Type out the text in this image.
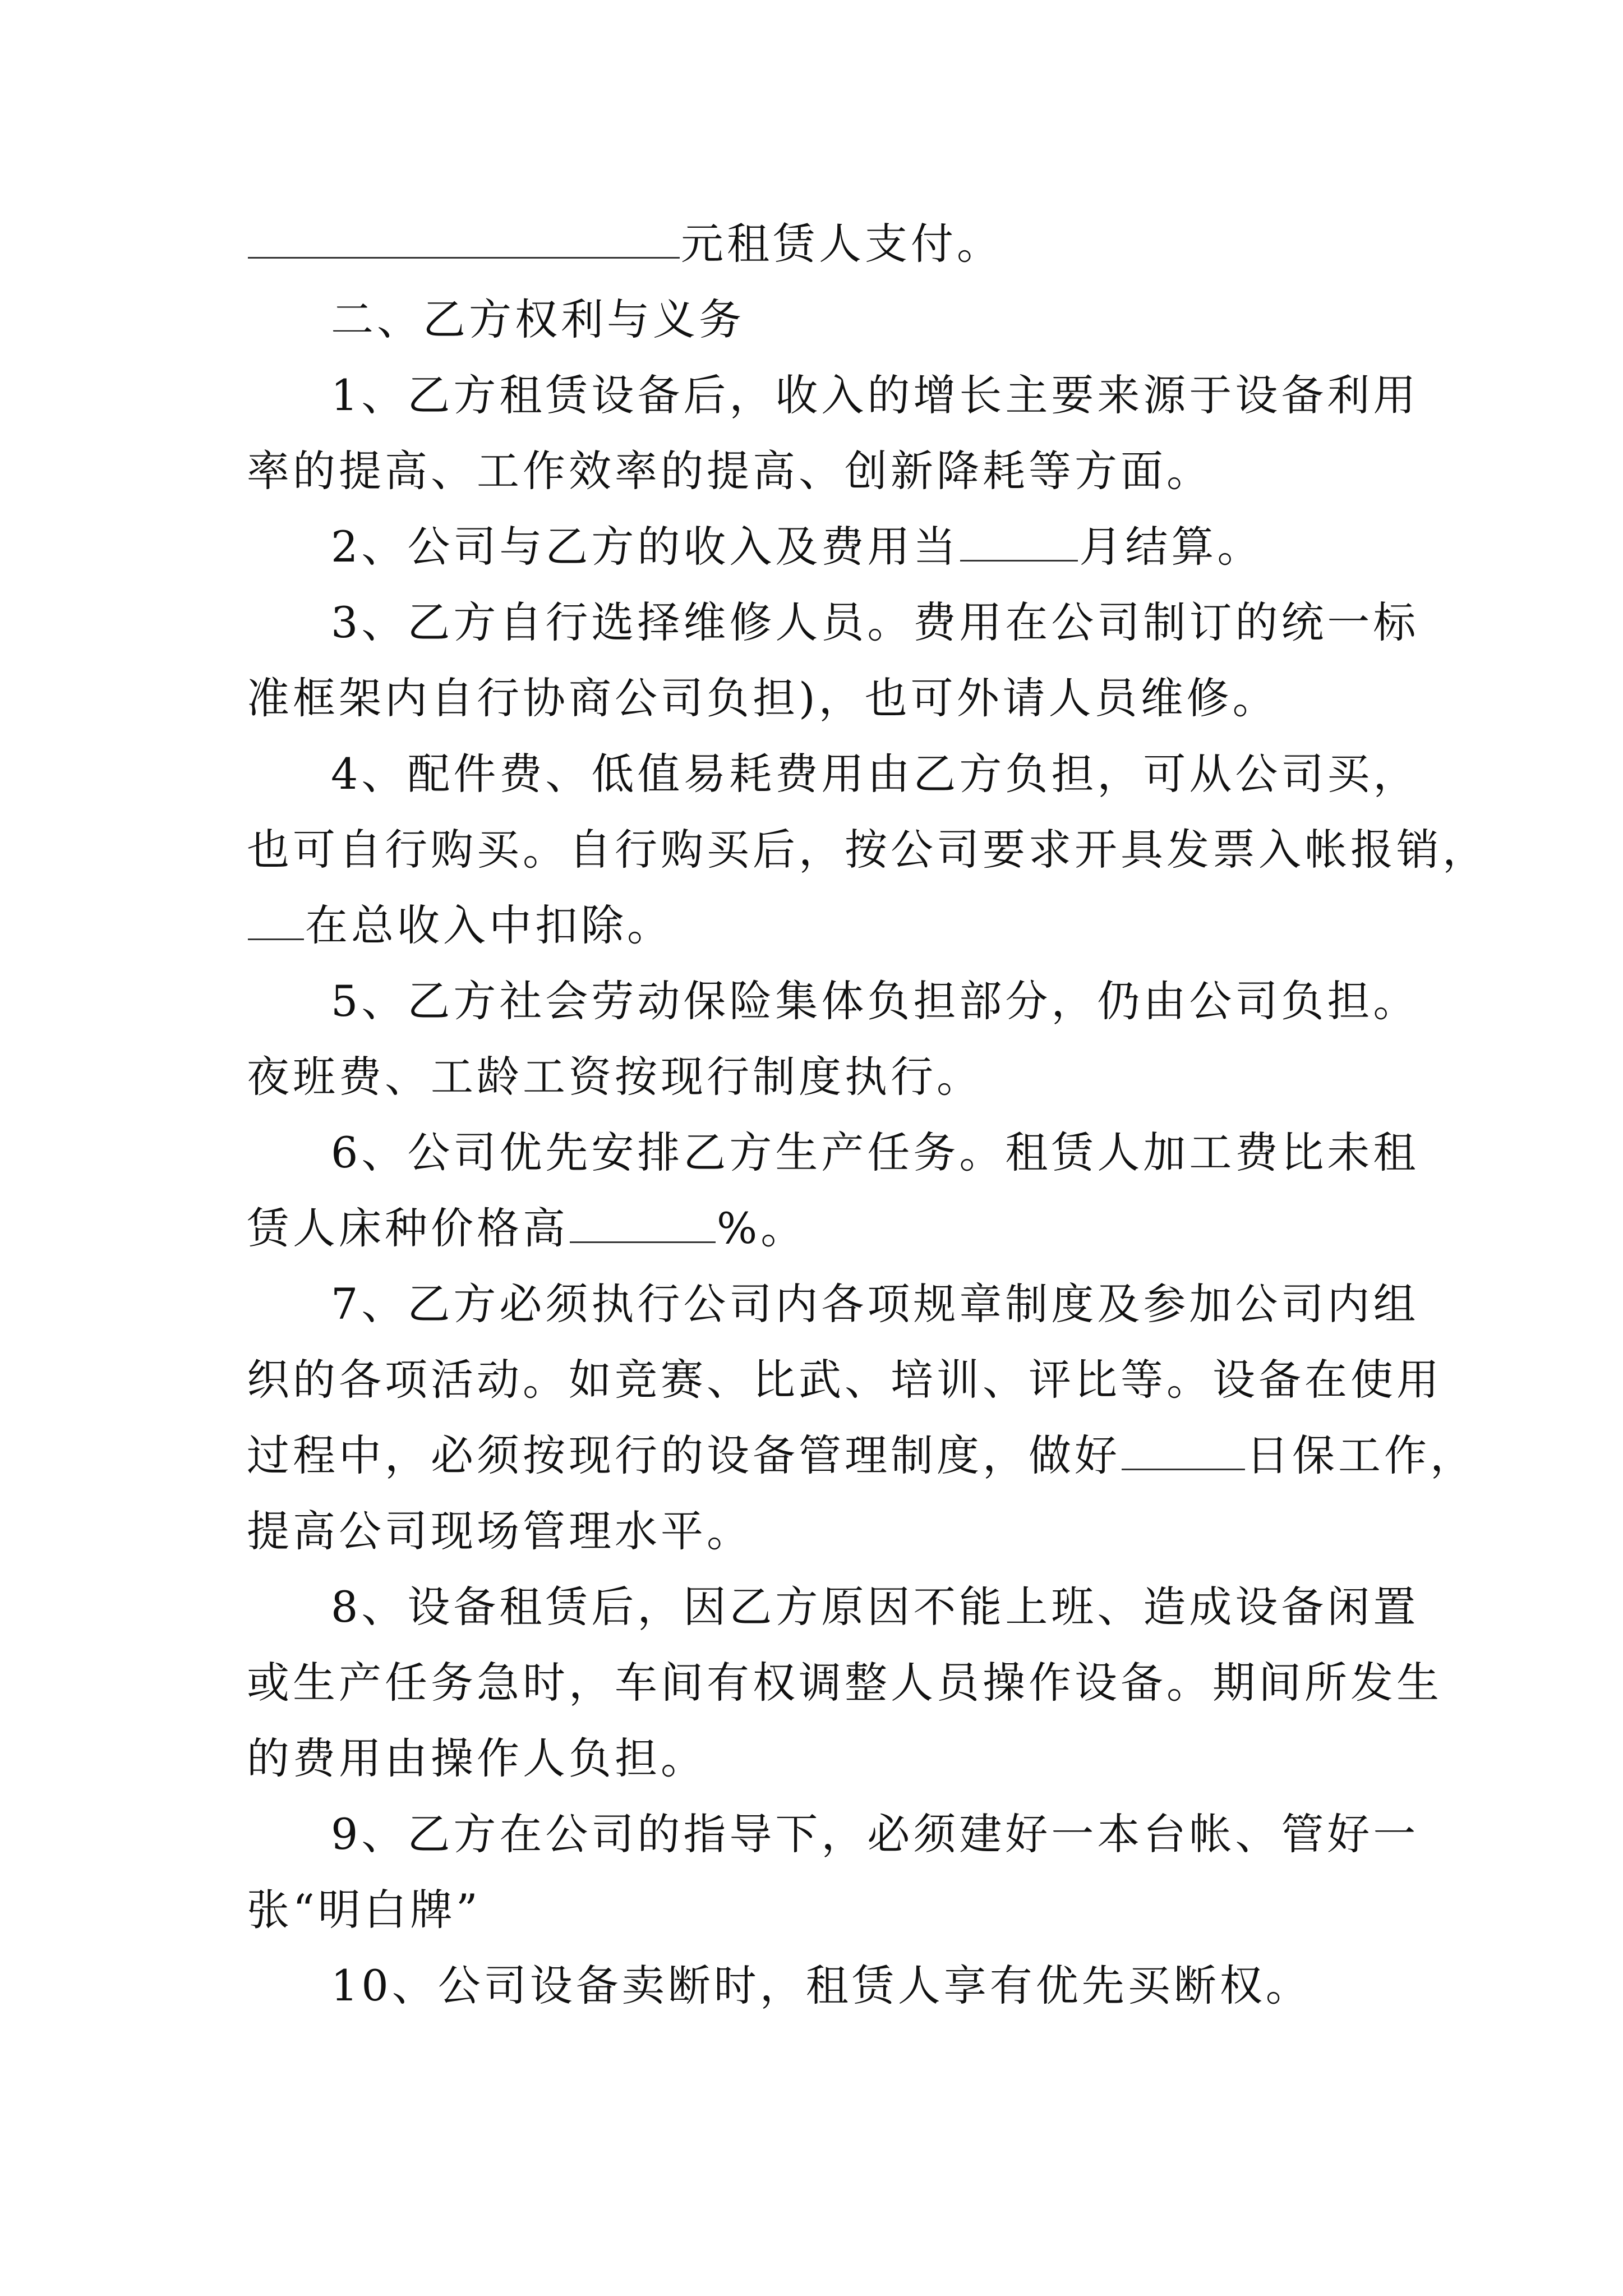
元租赁人支付。
二、乙方权利与义务
1、乙方租赁设备后，收入的增长主要来源于设备利用
率的提高、工作效率的提高、创新降耗等方面。
2、公司与乙方的收入及费用当	月结算。
3、乙方自行选择维修人员。费用在公司制订的统一标
准框架内自行协商公司负担)，也可外请人员维修。
4、配件费、低值易耗费用由乙方负担，可从公司买，
也可自行购买。自行购买后，按公司要求开具发票入帐报销，
在总收入中扣除。
5、乙方社会劳动保险集体负担部分，仍由公司负担。
夜班费、工龄工资按现行制度执行。
6、公司优先安排乙方生产任务。租赁人加工费比未租
赁人床种价格高	%。
7、乙方必须执行公司内各项规章制度及参加公司内组
织的各项活动。如竞赛、比武、培训、评比等。设备在使用
过程中，必须按现行的设备管理制度，做好	日保工作，
提高公司现场管理水平。
8、设备租赁后，因乙方原因不能上班、造成设备闲置
或生产任务急时，车间有权调整人员操作设备。期间所发生
的费用由操作人负担。
9、乙方在公司的指导下，必须建好一本台帐、管好一
张“明白牌”
10、公司设备卖断时，租赁人享有优先买断权。
